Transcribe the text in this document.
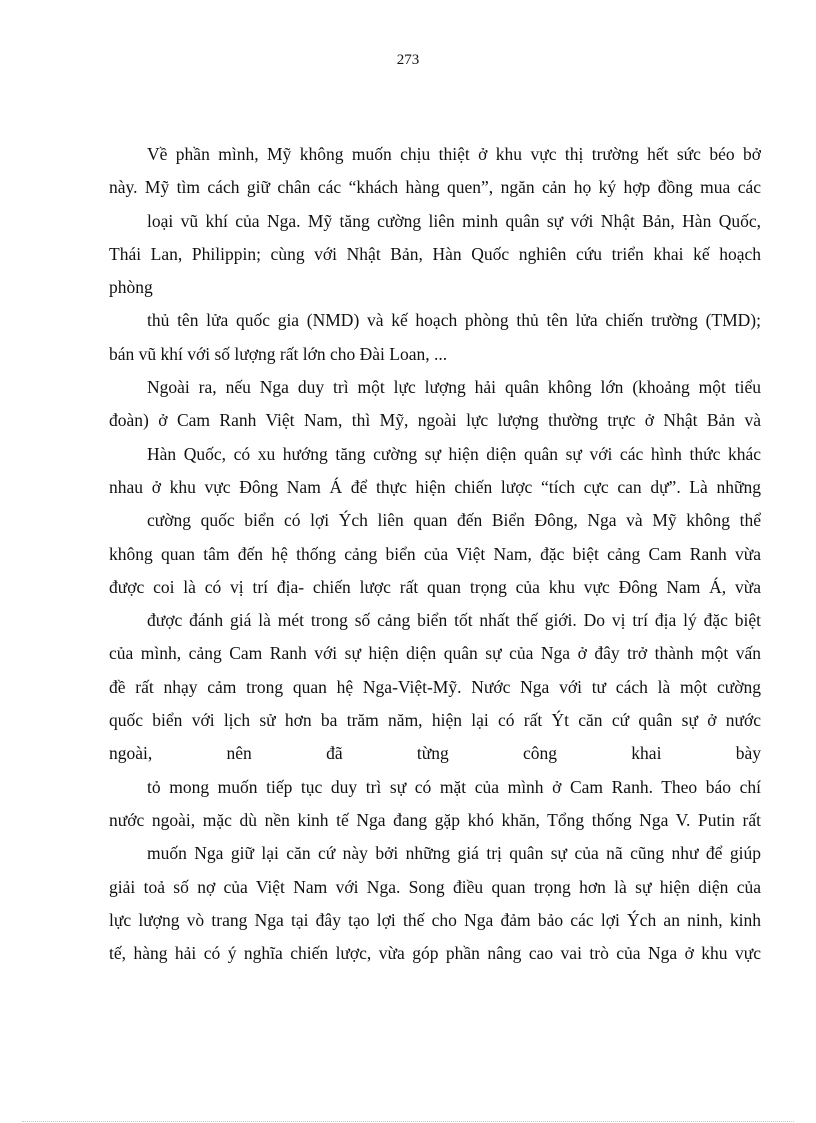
273
Về phần mình, Mỹ không muốn chịu thiệt ở khu vực thị trường hết sức béo bở
này. Mỹ tìm cách giữ chân các “khách hàng quen”, ngăn cản họ ký hợp đồng mua các
loại vũ khí của Nga. Mỹ tăng cường liên minh quân sự với Nhật Bản, Hàn Quốc,
Thái Lan, Philippin; cùng với Nhật Bản, Hàn Quốc nghiên cứu triển khai kế hoạch
phòng
thủ tên lửa quốc gia (NMD) và kế hoạch phòng thủ tên lửa chiến trường (TMD);
bán vũ khí với số lượng rất lớn cho Đài Loan, ...
Ngoài ra, nếu Nga duy trì một lực lượng hải quân không lớn (khoảng một tiểu
đoàn) ở Cam Ranh Việt Nam, thì Mỹ, ngoài lực lượng thường trực ở Nhật Bản và
Hàn Quốc, có xu hướng tăng cường sự hiện diện quân sự với các hình thức khác
nhau ở khu vực Đông Nam Á để thực hiện chiến lược “tích cực can dự”. Là những
cường quốc biển có lợi Ých liên quan đến Biển Đông, Nga và Mỹ không thể
không quan tâm đến hệ thống cảng biển của Việt Nam, đặc biệt cảng Cam Ranh vừa
được coi là có vị trí địa- chiến lược rất quan trọng của khu vực Đông Nam Á, vừa
được đánh giá là mét trong số cảng biển tốt nhất thế giới. Do vị trí địa lý đặc biệt
của mình, cảng Cam Ranh với sự hiện diện quân sự của Nga ở đây trở thành một vấn
đề rất nhạy cảm trong quan hệ Nga-Việt-Mỹ. Nước Nga với tư cách là một cường
quốc biển với lịch sử hơn ba trăm năm, hiện lại có rất Ýt căn cứ quân sự ở nước
ngoài, nên đã từng công khai bày
tỏ mong muốn tiếp tục duy trì sự có mặt của mình ở Cam Ranh. Theo báo chí
nước ngoài, mặc dù nền kinh tế Nga đang gặp khó khăn, Tổng thống Nga V. Putin rất
muốn Nga giữ lại căn cứ này bởi những giá trị quân sự của nã cũng như để giúp
giải toả số nợ của Việt Nam với Nga. Song điều quan trọng hơn là sự hiện diện của
lực lượng vò trang Nga tại đây tạo lợi thế cho Nga đảm bảo các lợi Ých an ninh, kinh
tế, hàng hải có ý nghĩa chiến lược, vừa góp phần nâng cao vai trò của Nga ở khu vực
